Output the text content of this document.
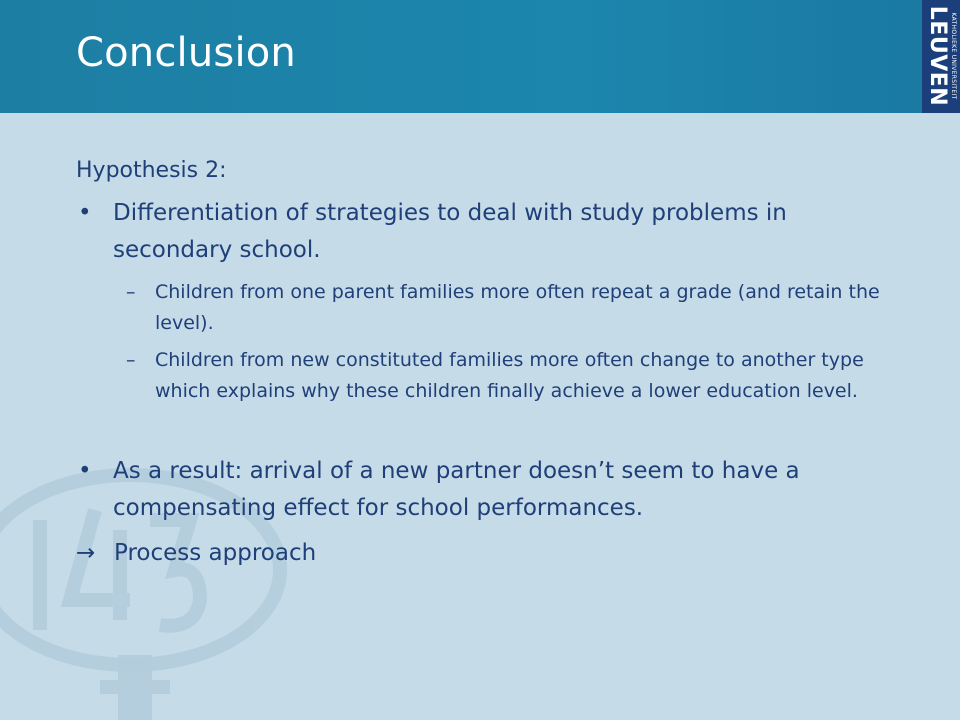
Conclusion	KATHOLIEKE UNIVERSITEIT
LEUVEN
Hypothesis 2:
• Differentiation of strategies to deal with study problems in secondary school.
– Children from one parent families more often repeat a grade (and retain the level).
– Children from new constituted families more often change to another type which explains why these children finally achieve a lower education level.
• As a result: arrival of a new partner doesn’t seem to have a compensating effect for school performances.
→ Process approach
